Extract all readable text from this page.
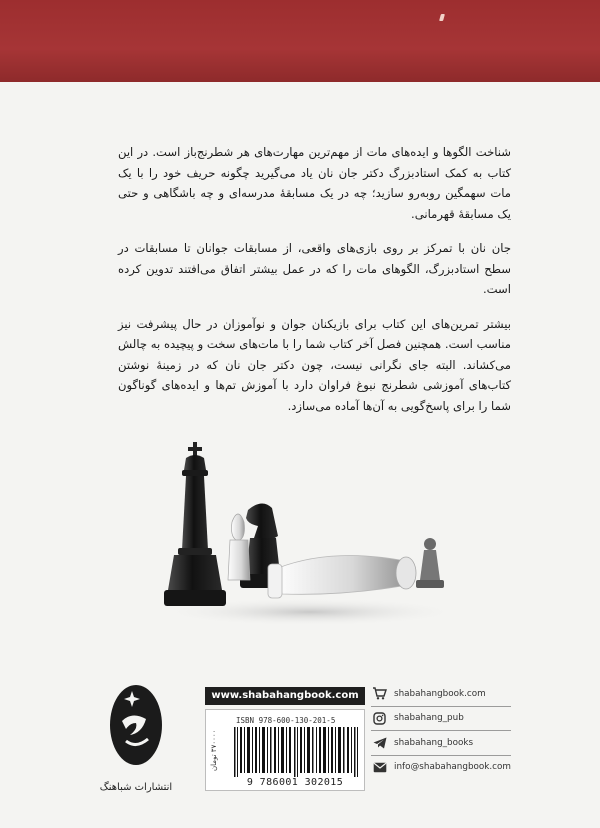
شناخت الگوها و ایده‌های مات از مهم‌ترین مهارت‌های هر شطرنج‌باز است. در این کتاب به کمک استادبزرگ دکتر جان نان یاد می‌گیرید چگونه حریف خود را با یک مات سهمگین روبه‌رو سازید؛ چه در یک مسابقهٔ مدرسه‌ای و چه باشگاهی و حتی یک مسابقهٔ قهرمانی.

جان نان با تمرکز بر روی بازی‌های واقعی، از مسابقات جوانان تا مسابقات در سطح استادبزرگ، الگوهای مات را که در عمل بیشتر اتفاق می‌افتند تدوین کرده است.

بیشتر تمرین‌های این کتاب برای بازیکنان جوان و نوآموزان در حال پیشرفت نیز مناسب است. همچنین فصل آخر کتاب شما را با مات‌های سخت و پیچیده به چالش می‌کشاند. البته جای نگرانی نیست، چون دکتر جان نان که در زمینهٔ نوشتن کتاب‌های آموزشی شطرنج نبوغ فراوان دارد با آموزش تم‌ها و ایده‌های گوناگون شما را برای پاسخ‌گویی به آن‌ها آماده می‌سازد.

انتشارات شباهنگ
www.shabahangbook.com
۳۷۰۰۰۰ تومان
ISBN 978-600-130-201-5
9 786001 302015
shabahangbook.com
shabahang_pub
shabahang_books
info@shabahangbook.com
